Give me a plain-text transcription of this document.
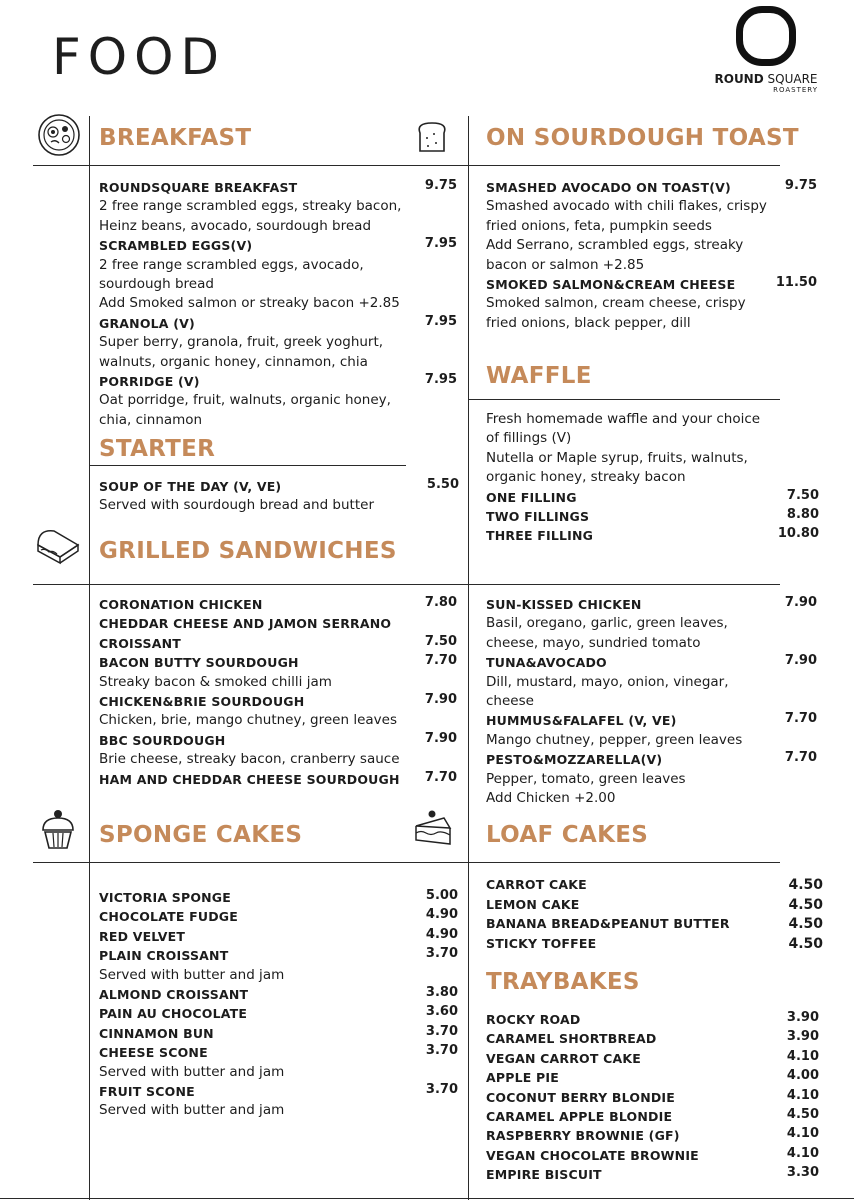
FOOD	ROUND SQUARE
ROASTERY
BREAKFAST	ON SOURDOUGH TOAST
STARTER
WAFFLE
GRILLED SANDWICHES
SPONGE CAKES	LOAF CAKES
TRAYBAKES
ROUNDSQUARE BREAKFAST	9.75
2 free range scrambled eggs, streaky bacon,
Heinz beans, avocado, sourdough bread
SCRAMBLED EGGS(V)	7.95
2 free range scrambled eggs, avocado,
sourdough bread
Add Smoked salmon or streaky bacon +2.85
GRANOLA (V)	7.95
Super berry, granola, fruit, greek yoghurt,
walnuts, organic honey, cinnamon, chia
PORRIDGE (V)	7.95
Oat porridge, fruit, walnuts, organic honey,
chia, cinnamon
SOUP OF THE DAY (V, VE)	5.50
Served with sourdough bread and butter
SMASHED AVOCADO ON TOAST(V)	9.75
Smashed avocado with chili flakes, crispy
fried onions, feta, pumpkin seeds
Add Serrano, scrambled eggs, streaky
bacon or salmon +2.85
SMOKED SALMON&CREAM CHEESE	11.50
Smoked salmon, cream cheese, crispy
fried onions, black pepper, dill
Fresh homemade waffle and your choice
of fillings (V)
Nutella or Maple syrup, fruits, walnuts,
organic honey, streaky bacon
ONE FILLING	7.50
TWO FILLINGS	8.80
THREE FILLING	10.80
CORONATION CHICKEN	7.80
CHEDDAR CHEESE AND JAMON SERRANO
CROISSANT	7.50
BACON BUTTY SOURDOUGH	7.70
Streaky bacon & smoked chilli jam
CHICKEN&BRIE SOURDOUGH	7.90
Chicken, brie, mango chutney, green leaves
BBC SOURDOUGH	7.90
Brie cheese, streaky bacon, cranberry sauce
HAM AND CHEDDAR CHEESE SOURDOUGH 7.70
SUN-KISSED CHICKEN	7.90
Basil, oregano, garlic, green leaves,
cheese, mayo, sundried tomato
TUNA&AVOCADO	7.90
Dill, mustard, mayo, onion, vinegar,
cheese
HUMMUS&FALAFEL (V, VE)	7.70
Mango chutney, pepper, green leaves
PESTO&MOZZARELLA(V)	7.70
Pepper, tomato, green leaves
Add Chicken +2.00
VICTORIA SPONGE	5.00
CHOCOLATE FUDGE	4.90
RED VELVET	4.90
PLAIN CROISSANT	3.70
Served with butter and jam
ALMOND CROISSANT	3.80
PAIN AU CHOCOLATE	3.60
CINNAMON BUN	3.70
CHEESE SCONE	3.70
Served with butter and jam
FRUIT SCONE	3.70
Served with butter and jam
CARROT CAKE	4.50
LEMON CAKE	4.50
BANANA BREAD&PEANUT BUTTER	4.50
STICKY TOFFEE	4.50
ROCKY ROAD	3.90
CARAMEL SHORTBREAD	3.90
VEGAN CARROT CAKE	4.10
APPLE PIE	4.00
COCONUT BERRY BLONDIE	4.10
CARAMEL APPLE BLONDIE	4.50
RASPBERRY BROWNIE (GF)	4.10
VEGAN CHOCOLATE BROWNIE	4.10
EMPIRE BISCUIT	3.30
